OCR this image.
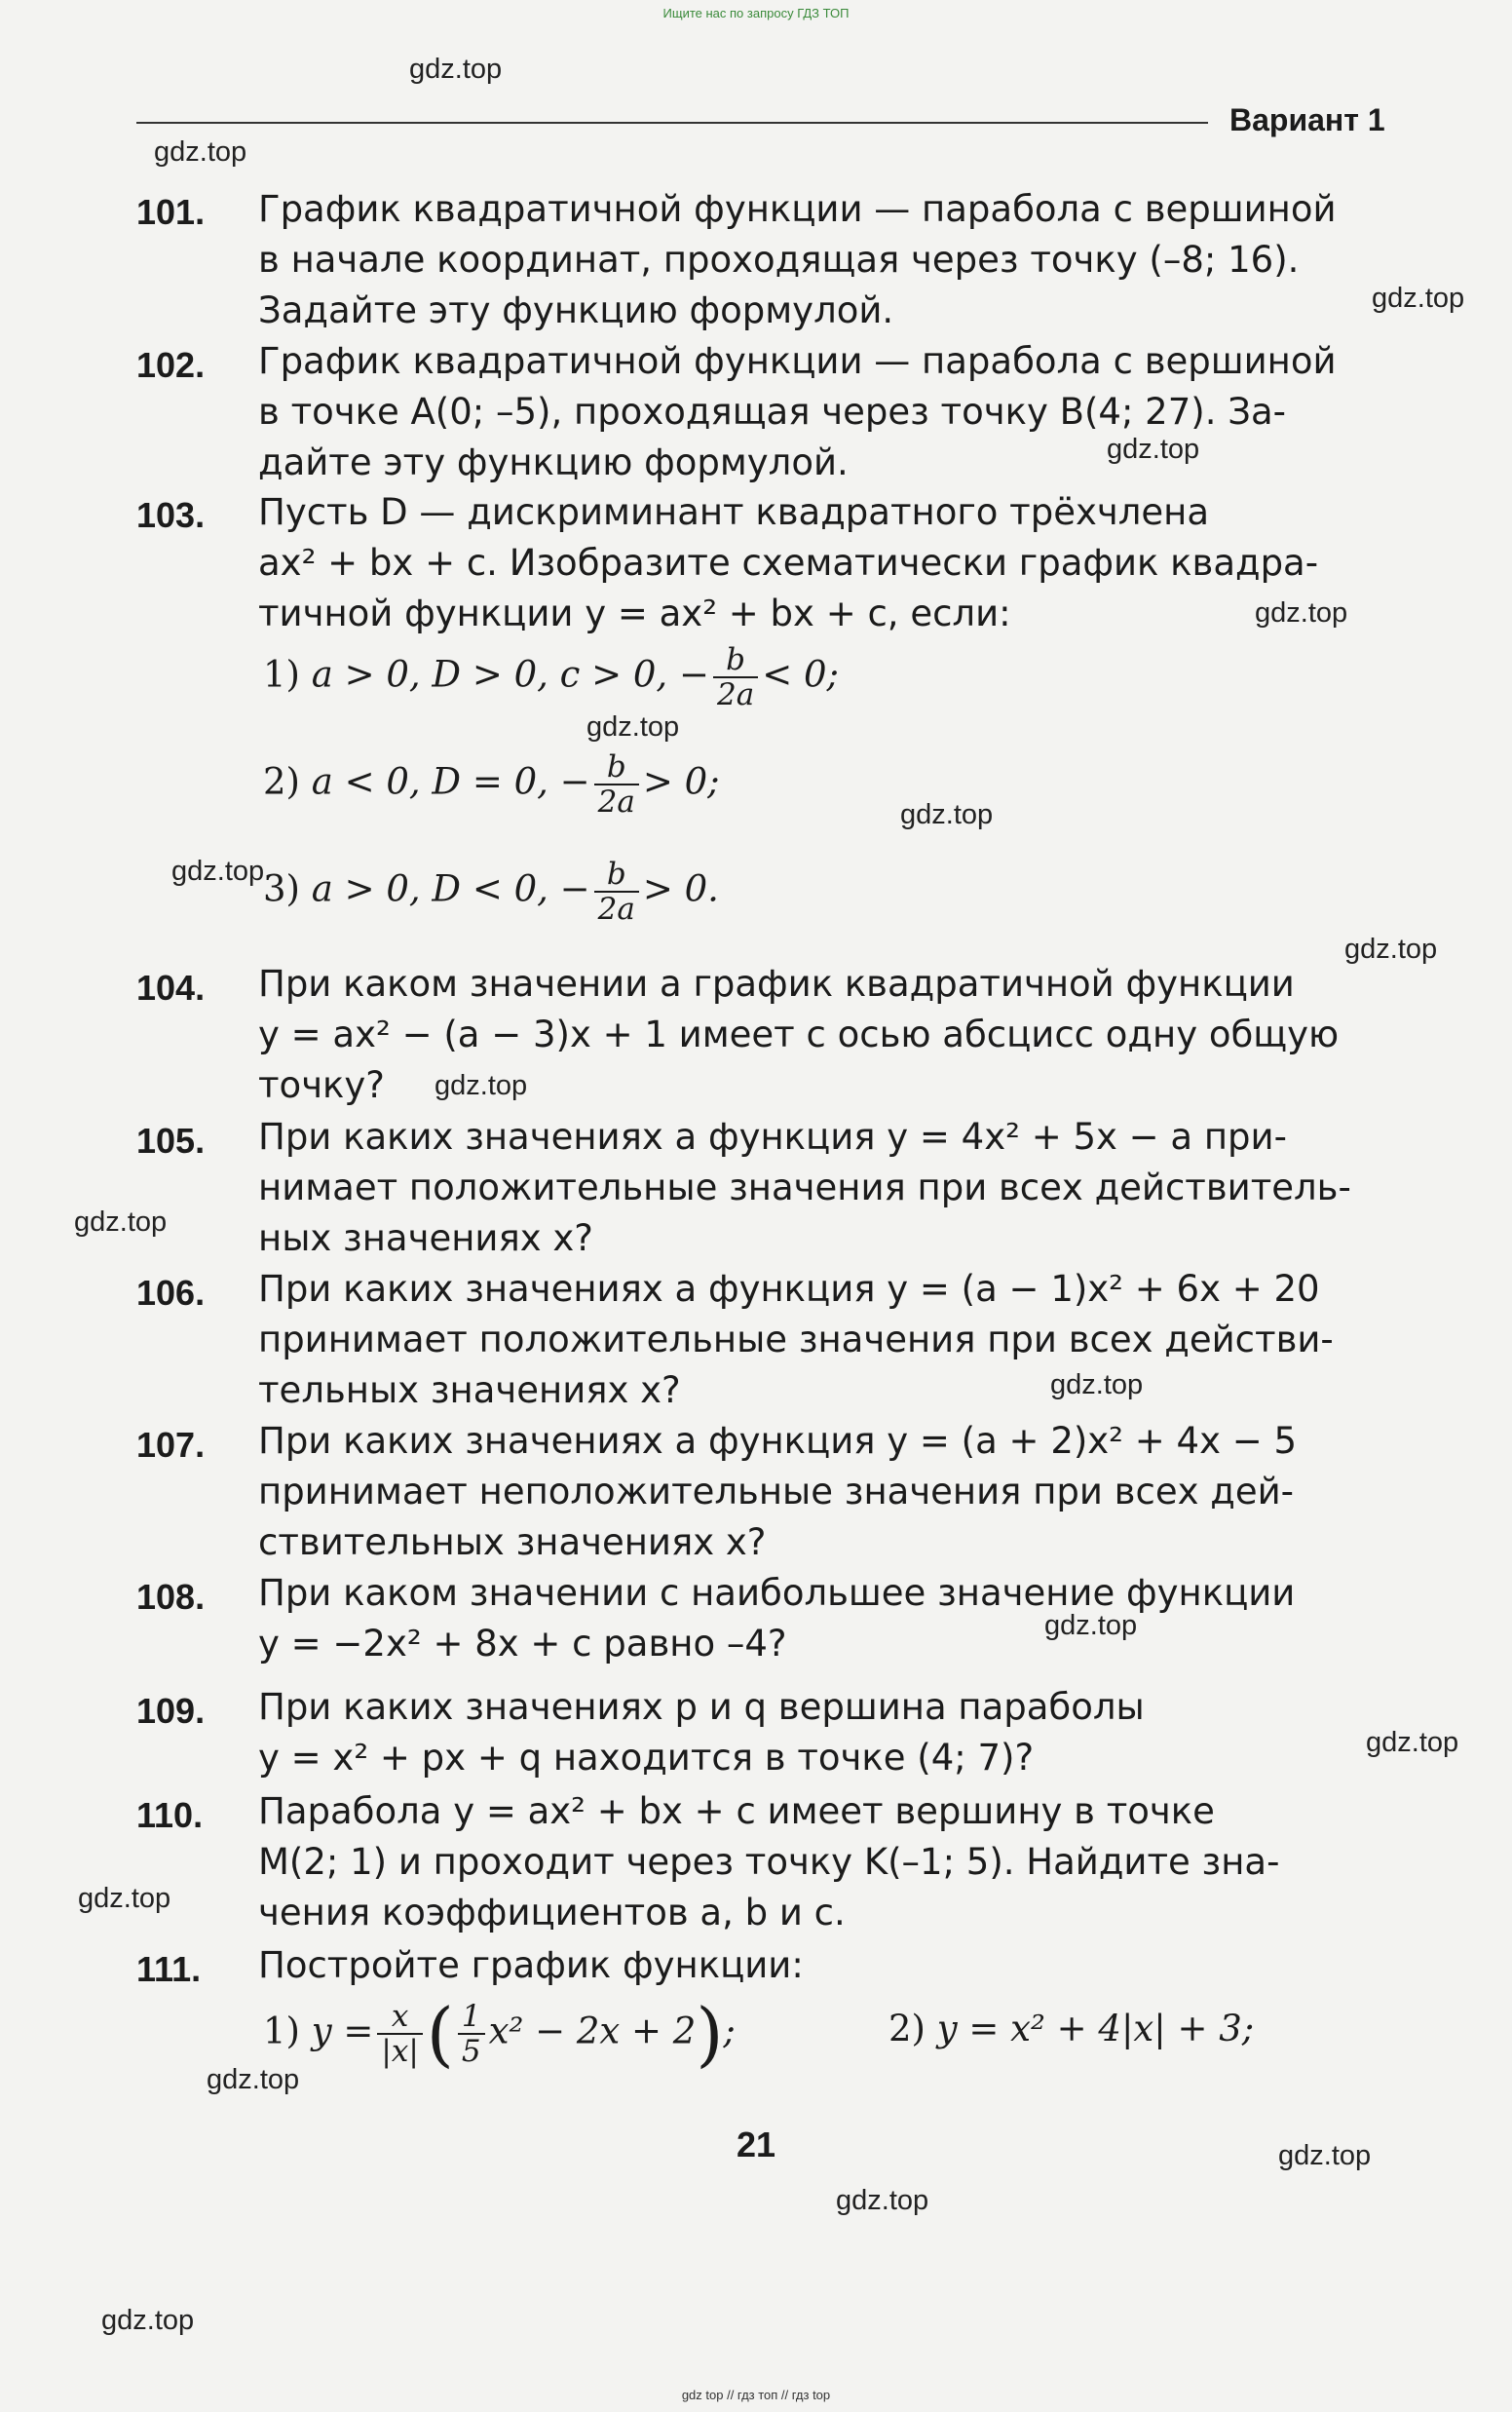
Ищите нас по запросу ГДЗ ТОП
Вариант 1
gdz.top
gdz.top
gdz.top
gdz.top
gdz.top
gdz.top
gdz.top
gdz.top
gdz.top
gdz.top
gdz.top
gdz.top
gdz.top
gdz.top
gdz.top
gdz.top
gdz.top
gdz.top
gdz.top
101. График квадратичной функции — парабола с вершиной
в начале координат, проходящая через точку (–8; 16).
Задайте эту функцию формулой.
102. График квадратичной функции — парабола с вершиной
в точке A(0; –5), проходящая через точку B(4; 27). За-
дайте эту функцию формулой.
103. Пусть D — дискриминант квадратного трёхчлена
ax² + bx + c. Изобразите схематически график квадра-
тичной функции y = ax² + bx + c, если:
1) a > 0, D > 0, c > 0, − $\frac{b}{2a} < 0$;
2) a < 0, D = 0, − $\frac{b}{2a} > 0$;
3) a > 0, D < 0, − $\frac{b}{2a} > 0$.
104. При каком значении a график квадратичной функции
y = ax² − (a − 3)x + 1 имеет с осью абсцисс одну общую
точку?
105. При каких значениях a функция y = 4x² + 5x − a при-
нимает положительные значения при всех действитель-
ных значениях x?
106. При каких значениях a функция y = (a − 1)x² + 6x + 20
принимает положительные значения при всех действи-
тельных значениях x?
107. При каких значениях a функция y = (a + 2)x² + 4x − 5
принимает неположительные значения при всех дей-
ствительных значениях x?
108. При каком значении c наибольшее значение функции
y = −2x² + 8x + c равно –4?
109. При каких значениях p и q вершина параболы
y = x² + px + q находится в точке (4; 7)?
110. Парабола y = ax² + bx + c имеет вершину в точке
M(2; 1) и проходит через точку K(–1; 5). Найдите зна-
чения коэффициентов a, b и c.
111. Постройте график функции:
1) $y = \frac{x}{|x|}$ ( $\frac{1}{5} x^2 - 2x + 2$);	2) y = x² + 4|x| + 3;
21
gdz top // гдз топ // гдз top
